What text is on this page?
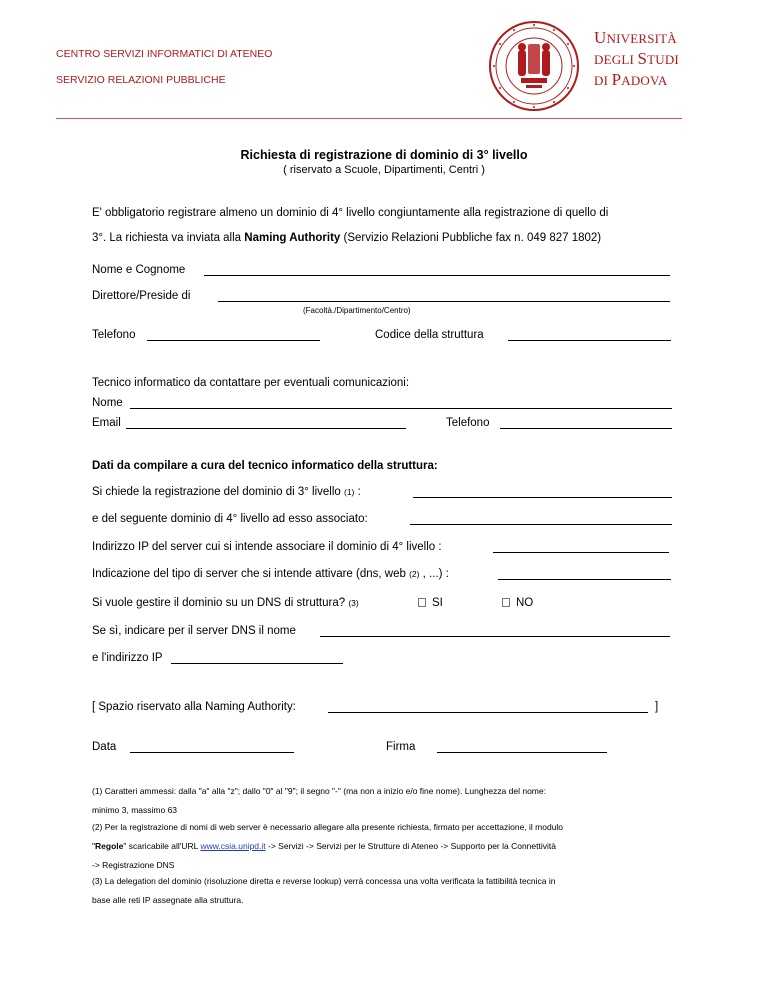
CENTRO SERVIZI INFORMATICI DI ATENEO
SERVIZIO RELAZIONI PUBBLICHE
UNIVERSITÀ
DEGLI STUDI
DI PADOVA
Richiesta di registrazione di dominio di 3° livello
( riservato a Scuole, Dipartimenti, Centri )
E' obbligatorio registrare almeno un dominio di 4° livello congiuntamente alla registrazione di quello di
3°. La richiesta va inviata alla Naming Authority (Servizio Relazioni Pubbliche fax n. 049 827 1802)
Nome e Cognome
Direttore/Preside di
(Facoltà./Dipartimento/Centro)
Telefono	Codice della struttura
Tecnico informatico da contattare per eventuali comunicazioni:
Nome
Email	Telefono
Dati da compilare a cura del tecnico informatico della struttura:
Si chiede la registrazione del dominio di 3° livello (1) :
e del seguente dominio di 4° livello ad esso associato:
Indirizzo IP del server cui si intende associare il dominio di 4° livello :
Indicazione del tipo di server che si intende attivare (dns, web (2) , ...) :
Si vuole gestire il dominio su un DNS di struttura? (3)	SI	NO
Se sì, indicare per il server DNS il nome
e l'indirizzo IP
[ Spazio riservato alla Naming Authority:	]
Data	Firma
(1) Caratteri ammessi: dalla "a" alla "z"; dallo "0" al "9"; il segno "-" (ma non a inizio e/o fine nome). Lunghezza del nome:
minimo 3, massimo 63
(2) Per la registrazione di nomi di web server è necessario allegare alla presente richiesta, firmato per accettazione, il modulo
"Regole" scaricabile all'URL www.csia.unipd.it -> Servizi -> Servizi per le Strutture di Ateneo -> Supporto per la Connettività
-> Registrazione DNS
(3) La delegation del dominio (risoluzione diretta e reverse lookup) verrà concessa una volta verificata la fattibilità tecnica in
base alle reti IP assegnate alla struttura.
